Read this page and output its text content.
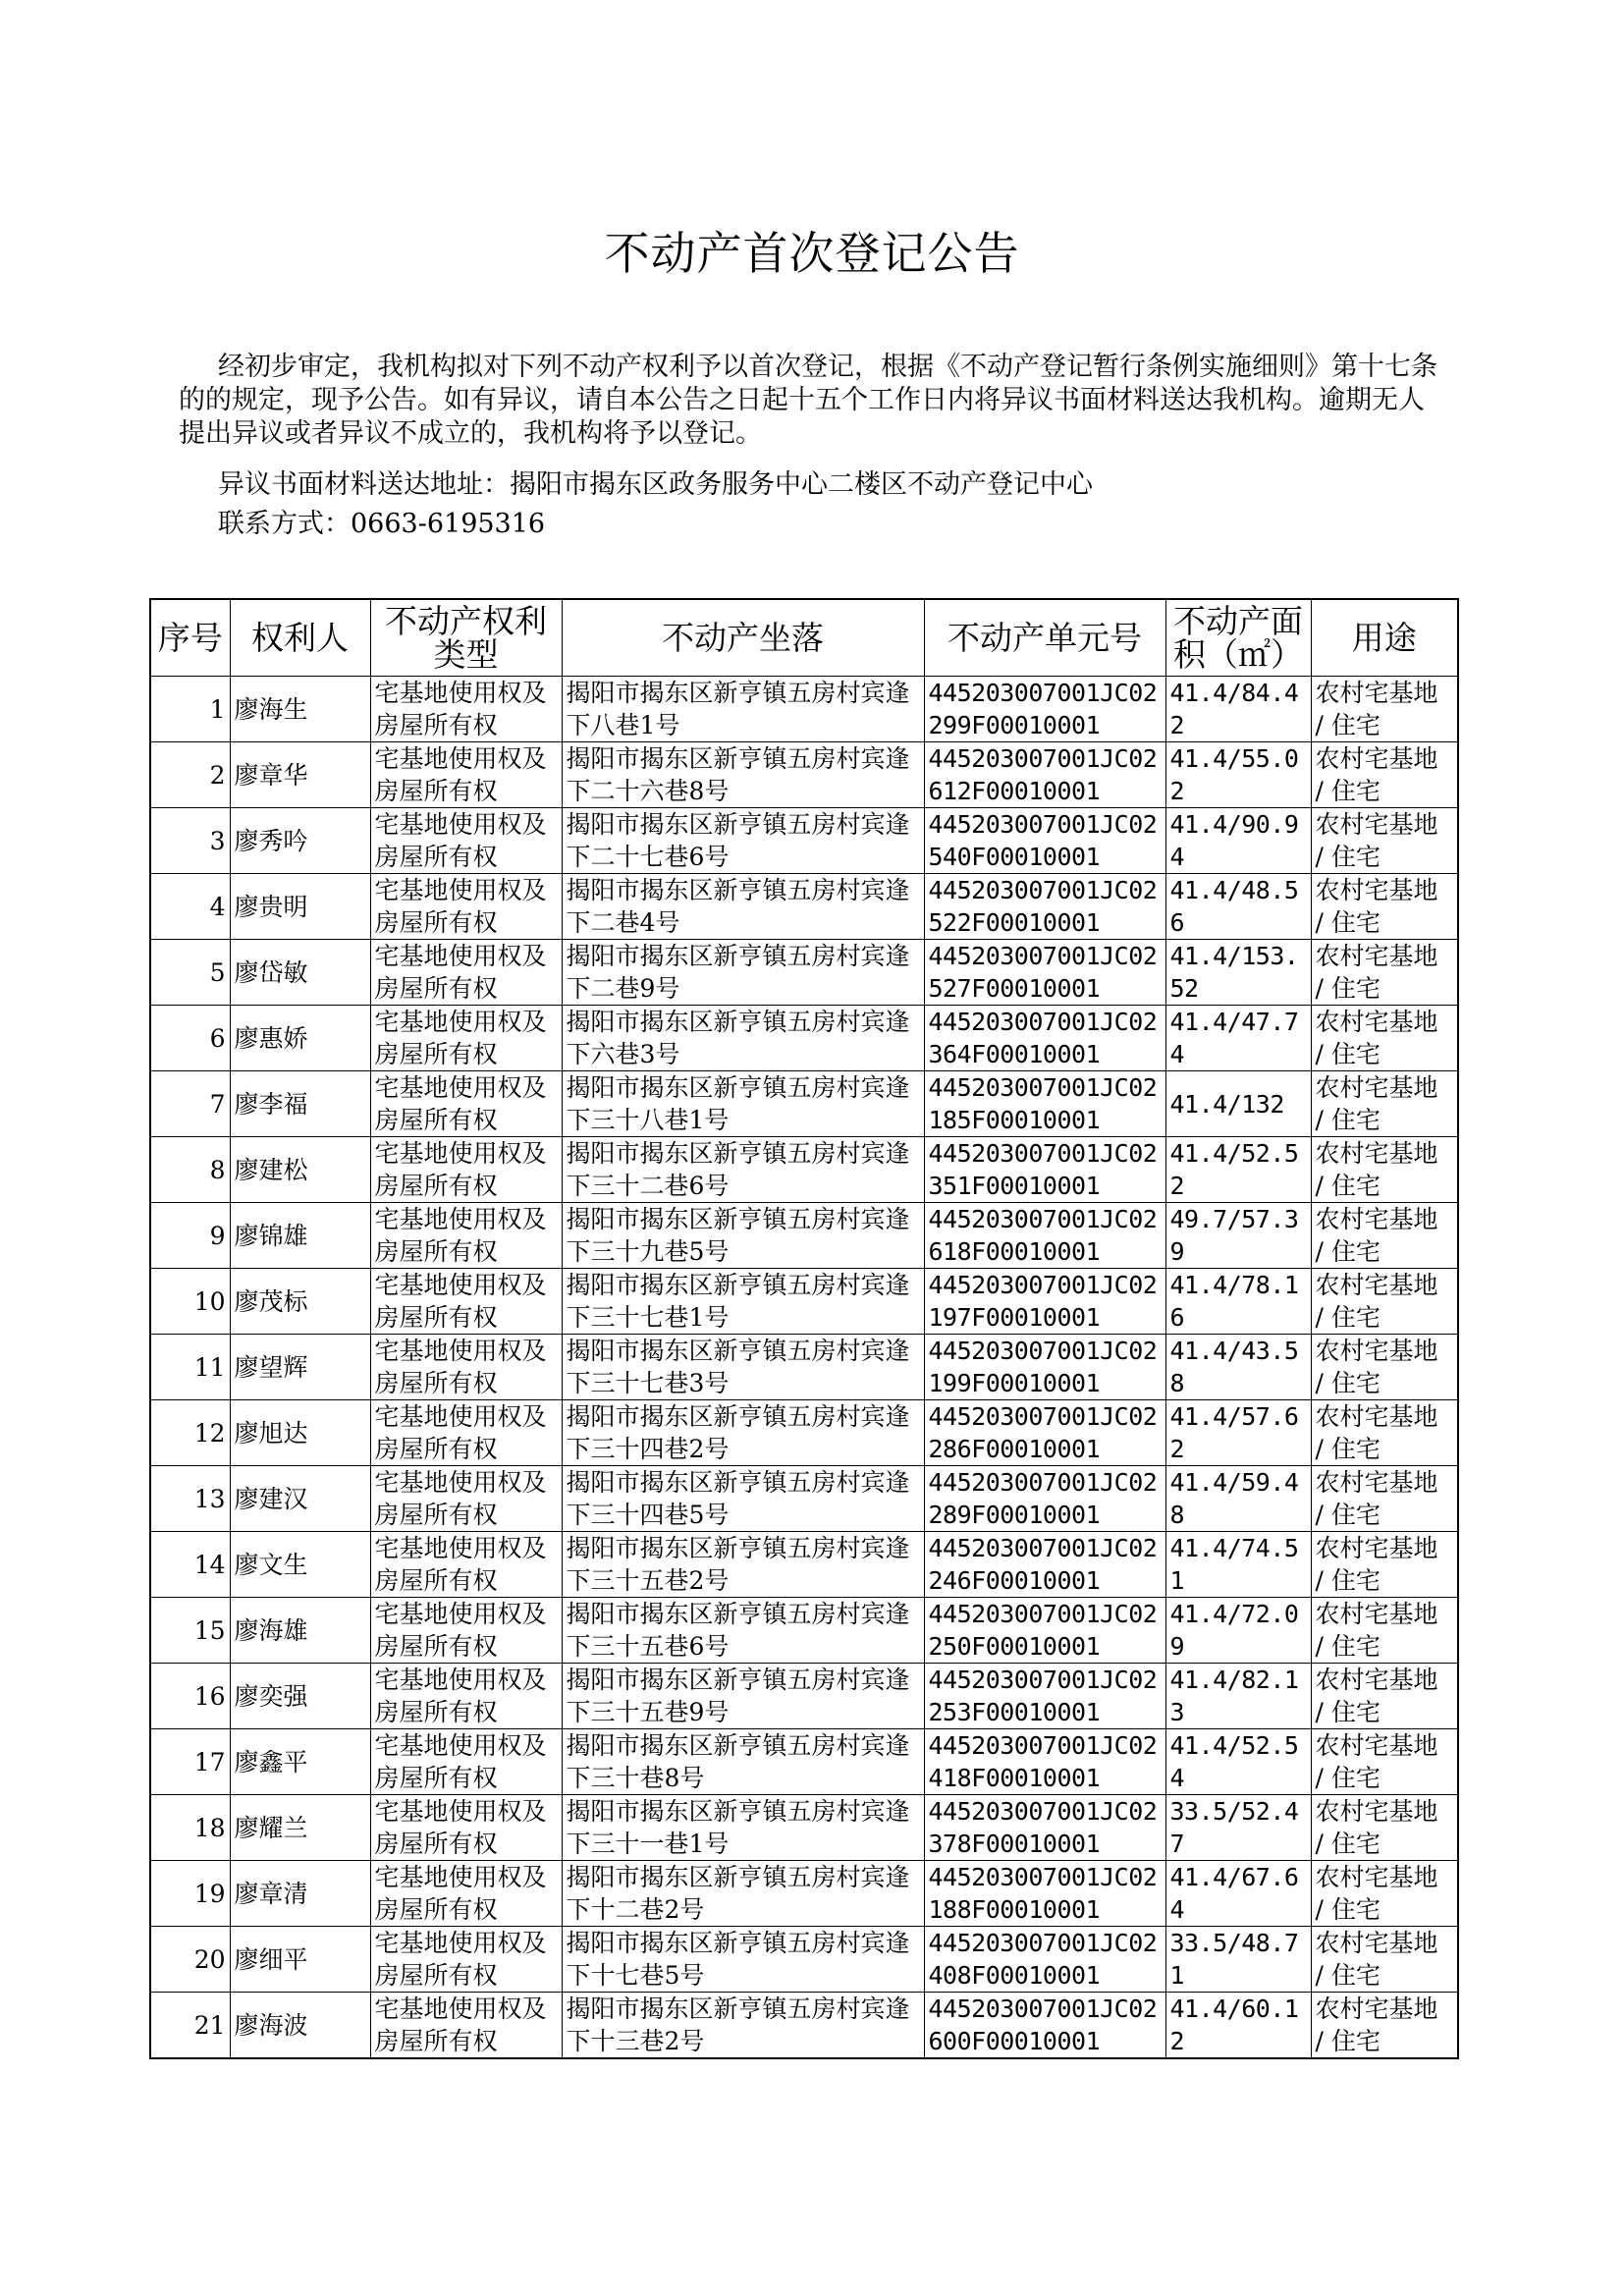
不动产首次登记公告
经初步审定，我机构拟对下列不动产权利予以首次登记，根据《不动产登记暂行条例实施细则》第十七条的的规定，现予公告。如有异议，请自本公告之日起十五个工作日内将异议书面材料送达我机构。逾期无人提出异议或者异议不成立的，我机构将予以登记。
异议书面材料送达地址：揭阳市揭东区政务服务中心二楼区不动产登记中心
联系方式：0663-6195316
序号	权利人	不动产权利类型	不动产坐落	不动产单元号	不动产面积（㎡）	用途
1	廖海生	宅基地使用权及房屋所有权	揭阳市揭东区新亨镇五房村宾逢下八巷1号	445203007001JC02299F00010001	41.4/84.42	农村宅基地 / 住宅
2	廖章华	宅基地使用权及房屋所有权	揭阳市揭东区新亨镇五房村宾逢下二十六巷8号	445203007001JC02612F00010001	41.4/55.02	农村宅基地 / 住宅
3	廖秀吟	宅基地使用权及房屋所有权	揭阳市揭东区新亨镇五房村宾逢下二十七巷6号	445203007001JC02540F00010001	41.4/90.94	农村宅基地 / 住宅
4	廖贵明	宅基地使用权及房屋所有权	揭阳市揭东区新亨镇五房村宾逢下二巷4号	445203007001JC02522F00010001	41.4/48.56	农村宅基地 / 住宅
5	廖岱敏	宅基地使用权及房屋所有权	揭阳市揭东区新亨镇五房村宾逢下二巷9号	445203007001JC02527F00010001	41.4/153.52	农村宅基地 / 住宅
6	廖惠娇	宅基地使用权及房屋所有权	揭阳市揭东区新亨镇五房村宾逢下六巷3号	445203007001JC02364F00010001	41.4/47.74	农村宅基地 / 住宅
7	廖李福	宅基地使用权及房屋所有权	揭阳市揭东区新亨镇五房村宾逢下三十八巷1号	445203007001JC02185F00010001	41.4/132	农村宅基地 / 住宅
8	廖建松	宅基地使用权及房屋所有权	揭阳市揭东区新亨镇五房村宾逢下三十二巷6号	445203007001JC02351F00010001	41.4/52.52	农村宅基地 / 住宅
9	廖锦雄	宅基地使用权及房屋所有权	揭阳市揭东区新亨镇五房村宾逢下三十九巷5号	445203007001JC02618F00010001	49.7/57.39	农村宅基地 / 住宅
10	廖茂标	宅基地使用权及房屋所有权	揭阳市揭东区新亨镇五房村宾逢下三十七巷1号	445203007001JC02197F00010001	41.4/78.16	农村宅基地 / 住宅
11	廖望辉	宅基地使用权及房屋所有权	揭阳市揭东区新亨镇五房村宾逢下三十七巷3号	445203007001JC02199F00010001	41.4/43.58	农村宅基地 / 住宅
12	廖旭达	宅基地使用权及房屋所有权	揭阳市揭东区新亨镇五房村宾逢下三十四巷2号	445203007001JC02286F00010001	41.4/57.62	农村宅基地 / 住宅
13	廖建汉	宅基地使用权及房屋所有权	揭阳市揭东区新亨镇五房村宾逢下三十四巷5号	445203007001JC02289F00010001	41.4/59.48	农村宅基地 / 住宅
14	廖文生	宅基地使用权及房屋所有权	揭阳市揭东区新亨镇五房村宾逢下三十五巷2号	445203007001JC02246F00010001	41.4/74.51	农村宅基地 / 住宅
15	廖海雄	宅基地使用权及房屋所有权	揭阳市揭东区新亨镇五房村宾逢下三十五巷6号	445203007001JC02250F00010001	41.4/72.09	农村宅基地 / 住宅
16	廖奕强	宅基地使用权及房屋所有权	揭阳市揭东区新亨镇五房村宾逢下三十五巷9号	445203007001JC02253F00010001	41.4/82.13	农村宅基地 / 住宅
17	廖鑫平	宅基地使用权及房屋所有权	揭阳市揭东区新亨镇五房村宾逢下三十巷8号	445203007001JC02418F00010001	41.4/52.54	农村宅基地 / 住宅
18	廖耀兰	宅基地使用权及房屋所有权	揭阳市揭东区新亨镇五房村宾逢下三十一巷1号	445203007001JC02378F00010001	33.5/52.47	农村宅基地 / 住宅
19	廖章清	宅基地使用权及房屋所有权	揭阳市揭东区新亨镇五房村宾逢下十二巷2号	445203007001JC02188F00010001	41.4/67.64	农村宅基地 / 住宅
20	廖细平	宅基地使用权及房屋所有权	揭阳市揭东区新亨镇五房村宾逢下十七巷5号	445203007001JC02408F00010001	33.5/48.71	农村宅基地 / 住宅
21	廖海波	宅基地使用权及房屋所有权	揭阳市揭东区新亨镇五房村宾逢下十三巷2号	445203007001JC02600F00010001	41.4/60.12	农村宅基地 / 住宅
